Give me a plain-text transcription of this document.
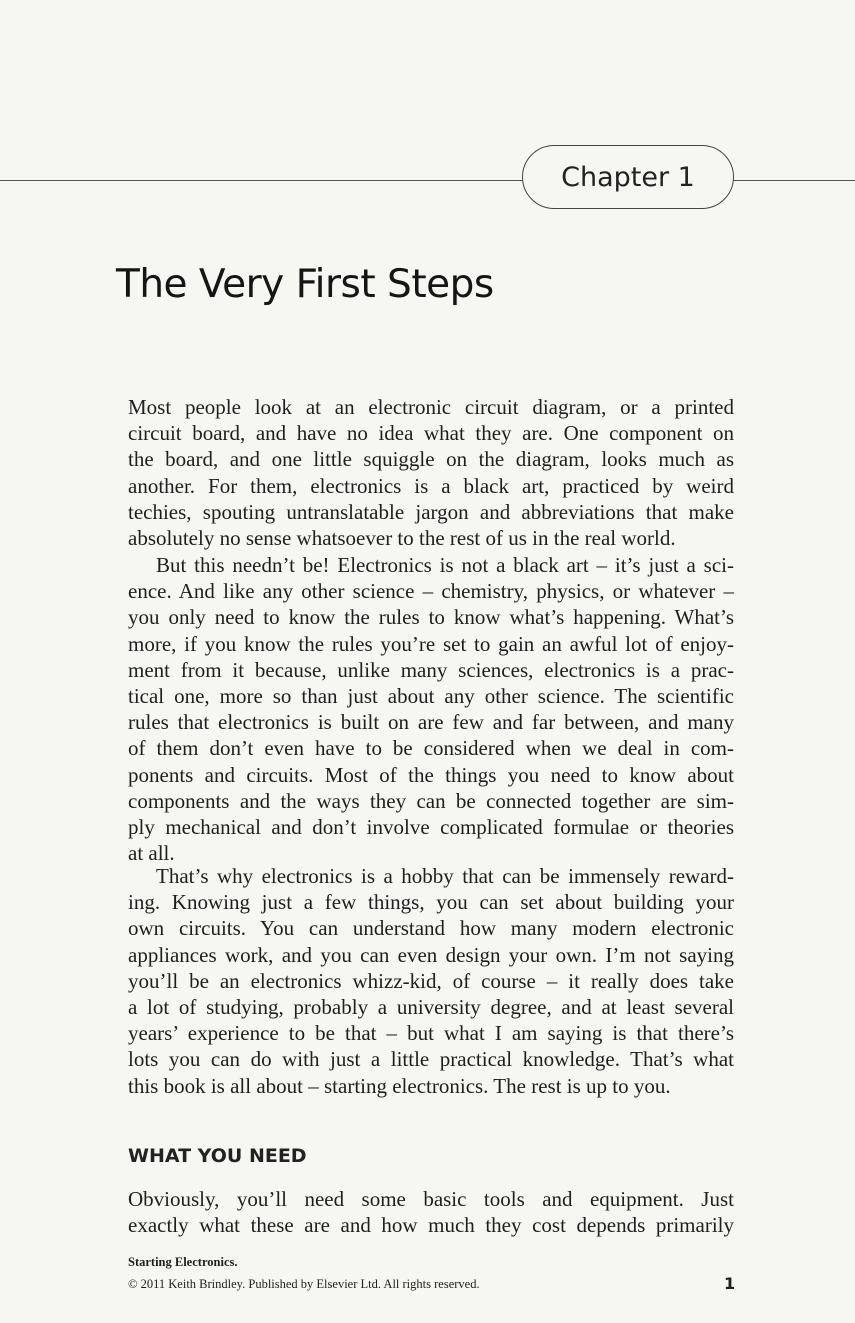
Chapter 1
The Very First Steps
Most people look at an electronic circuit diagram, or a printed
circuit board, and have no idea what they are. One component on
the board, and one little squiggle on the diagram, looks much as
another. For them, electronics is a black art, practiced by weird
techies, spouting untranslatable jargon and abbreviations that make
absolutely no sense whatsoever to the rest of us in the real world.
But this needn’t be! Electronics is not a black art – it’s just a sci-
ence. And like any other science – chemistry, physics, or whatever –
you only need to know the rules to know what’s happening. What’s
more, if you know the rules you’re set to gain an awful lot of enjoy-
ment from it because, unlike many sciences, electronics is a prac-
tical one, more so than just about any other science. The scientific
rules that electronics is built on are few and far between, and many
of them don’t even have to be considered when we deal in com-
ponents and circuits. Most of the things you need to know about
components and the ways they can be connected together are sim-
ply mechanical and don’t involve complicated formulae or theories
at all.
That’s why electronics is a hobby that can be immensely reward-
ing. Knowing just a few things, you can set about building your
own circuits. You can understand how many modern electronic
appliances work, and you can even design your own. I’m not saying
you’ll be an electronics whizz-kid, of course – it really does take
a lot of studying, probably a university degree, and at least several
years’ experience to be that – but what I am saying is that there’s
lots you can do with just a little practical knowledge. That’s what
this book is all about – starting electronics. The rest is up to you.
WHAT YOU NEED
Obviously, you’ll need some basic tools and equipment. Just
exactly what these are and how much they cost depends primarily
Starting Electronics.
© 2011 Keith Brindley. Published by Elsevier Ltd. All rights reserved.	1
